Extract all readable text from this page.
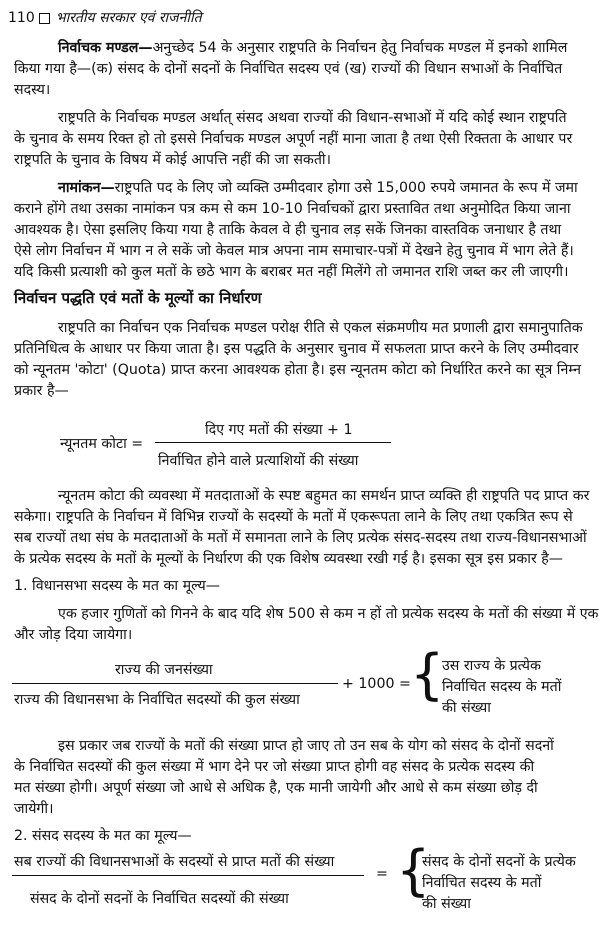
110 भारतीय सरकार एवं राजनीति
निर्वाचक मण्डल—अनुच्छेद 54 के अनुसार राष्ट्रपति के निर्वाचन हेतु निर्वाचक मण्डल में इनको शामिल
किया गया है—(क) संसद के दोनों सदनों के निर्वाचित सदस्य एवं (ख) राज्यों की विधान सभाओं के निर्वाचित
सदस्य।
राष्ट्रपति के निर्वाचक मण्डल अर्थात् संसद अथवा राज्यों की विधान-सभाओं में यदि कोई स्थान राष्ट्रपति
के चुनाव के समय रिक्त हो तो इससे निर्वाचक मण्डल अपूर्ण नहीं माना जाता है तथा ऐसी रिक्तता के आधार पर
राष्ट्रपति के चुनाव के विषय में कोई आपत्ति नहीं की जा सकती।
नामांकन—राष्ट्रपति पद के लिए जो व्यक्ति उम्मीदवार होगा उसे 15,000 रुपये जमानत के रूप में जमा
कराने होंगे तथा उसका नामांकन पत्र कम से कम 10-10 निर्वाचकों द्वारा प्रस्तावित तथा अनुमोदित किया जाना
आवश्यक है। ऐसा इसलिए किया गया है ताकि केवल वे ही चुनाव लड़ सकें जिनका वास्तविक जनाधार है तथा
ऐसे लोग निर्वाचन में भाग न ले सकें जो केवल मात्र अपना नाम समाचार-पत्रों में देखने हेतु चुनाव में भाग लेते हैं।
यदि किसी प्रत्याशी को कुल मतों के छठे भाग के बराबर मत नहीं मिलेंगे तो जमानत राशि जब्त कर ली जाएगी।
निर्वाचन पद्धति एवं मतों के मूल्यों का निर्धारण
राष्ट्रपति का निर्वाचन एक निर्वाचक मण्डल परोक्ष रीति से एकल संक्रमणीय मत प्रणाली द्वारा समानुपातिक
प्रतिनिधित्व के आधार पर किया जाता है। इस पद्धति के अनुसार चुनाव में सफलता प्राप्त करने के लिए उम्मीदवार
को न्यूनतम 'कोटा' (Quota) प्राप्त करना आवश्यक होता है। इस न्यूनतम कोटा को निर्धारित करने का सूत्र निम्न
प्रकार है—
न्यूनतम कोटा =
दिए गए मतों की संख्या + 1
निर्वाचित होने वाले प्रत्याशियों की संख्या
न्यूनतम कोटा की व्यवस्था में मतदाताओं के स्पष्ट बहुमत का समर्थन प्राप्त व्यक्ति ही राष्ट्रपति पद प्राप्त कर
सकेगा। राष्ट्रपति के निर्वाचन में विभिन्न राज्यों के सदस्यों के मतों में एकरूपता लाने के लिए तथा एकत्रित रूप से
सब राज्यों तथा संघ के मतदाताओं के मतों में समानता लाने के लिए प्रत्येक संसद-सदस्य तथा राज्य-विधानसभाओं
के प्रत्येक सदस्य के मतों के मूल्यों के निर्धारण की एक विशेष व्यवस्था रखी गई है। इसका सूत्र इस प्रकार है—
1. विधानसभा सदस्य के मत का मूल्य—
एक हजार गुणितों को गिनने के बाद यदि शेष 500 से कम न हों तो प्रत्येक सदस्य के मतों की संख्या में एक
और जोड़ दिया जायेगा।
राज्य की जनसंख्या
राज्य की विधानसभा के निर्वाचित सदस्यों की कुल संख्या
+ 1000 = {
उस राज्य के प्रत्येक
निर्वाचित सदस्य के मतों
की संख्या
इस प्रकार जब राज्यों के मतों की संख्या प्राप्त हो जाए तो उन सब के योग को संसद के दोनों सदनों
के निर्वाचित सदस्यों की कुल संख्या में भाग देने पर जो संख्या प्राप्त होगी वह संसद के प्रत्येक सदस्य की
मत संख्या होगी। अपूर्ण संख्या जो आधे से अधिक है, एक मानी जायेगी और आधे से कम संख्या छोड़ दी
जायेगी।
2. संसद सदस्य के मत का मूल्य—
सब राज्यों की विधानसभाओं के सदस्यों से प्राप्त मतों की संख्या
संसद के दोनों सदनों के निर्वाचित सदस्यों की संख्या
= {
संसद के दोनों सदनों के प्रत्येक
निर्वाचित सदस्य के मतों
की संख्या
